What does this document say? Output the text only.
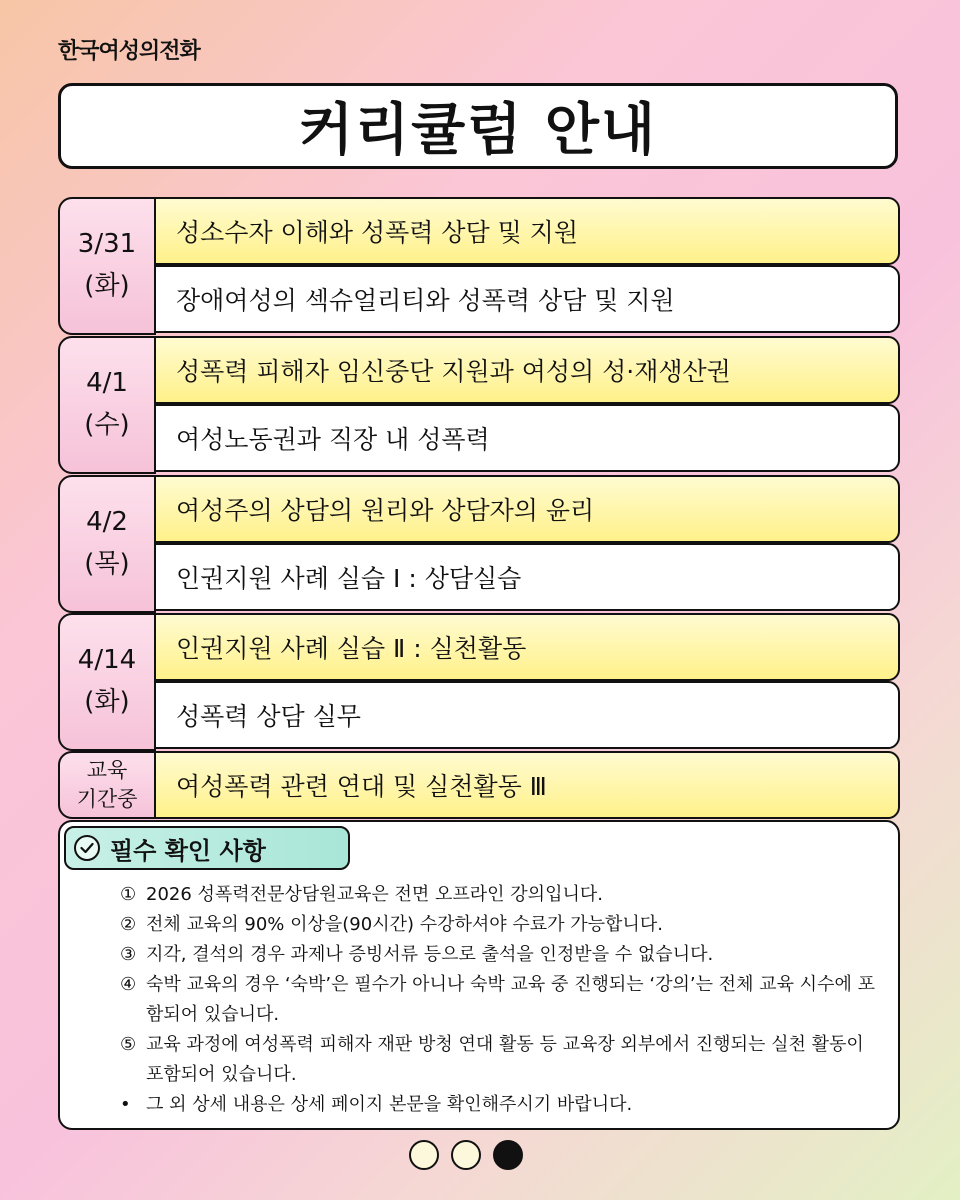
한국여성의전화
커리큘럼 안내
3/31
(화)
성소수자 이해와 성폭력 상담 및 지원
장애여성의 섹슈얼리티와 성폭력 상담 및 지원
4/1
(수)
성폭력 피해자 임신중단 지원과 여성의 성·재생산권
여성노동권과 직장 내 성폭력
4/2
(목)
여성주의 상담의 원리와 상담자의 윤리
인권지원 사례 실습 Ⅰ : 상담실습
4/14
(화)
인권지원 사례 실습 Ⅱ : 실천활동
성폭력 상담 실무
교육
기간중 여성폭력 관련 연대 및 실천활동 Ⅲ
필수 확인 사항
① 2026 성폭력전문상담원교육은 전면 오프라인 강의입니다.
② 전체 교육의 90% 이상을(90시간) 수강하셔야 수료가 가능합니다.
③ 지각, 결석의 경우 과제나 증빙서류 등으로 출석을 인정받을 수 없습니다.
④ 숙박 교육의 경우 ‘숙박’은 필수가 아니나 숙박 교육 중 진행되는 ‘강의’는 전체 교육 시수에 포함되어 있습니다.
⑤ 교육 과정에 여성폭력 피해자 재판 방청 연대 활동 등 교육장 외부에서 진행되는 실천 활동이 포함되어 있습니다.
• 그 외 상세 내용은 상세 페이지 본문을 확인해주시기 바랍니다.
